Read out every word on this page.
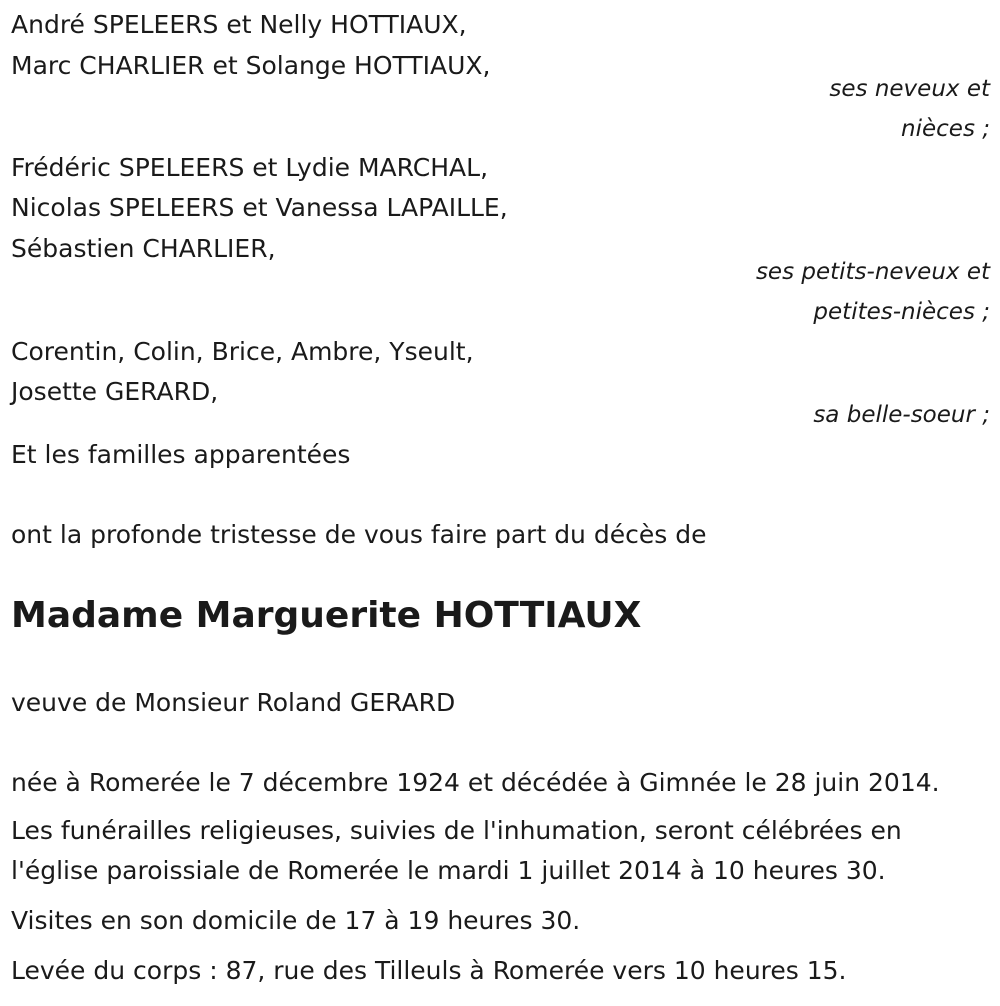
André SPELEERS et Nelly HOTTIAUX,
Marc CHARLIER et Solange HOTTIAUX,
ses neveux et
nièces ;
Frédéric SPELEERS et Lydie MARCHAL,
Nicolas SPELEERS et Vanessa LAPAILLE,
Sébastien CHARLIER,
ses petits-neveux et
petites-nièces ;
Corentin, Colin, Brice, Ambre, Yseult,
Josette GERARD,
sa belle-soeur ;
Et les familles apparentées
ont la profonde tristesse de vous faire part du décès de
Madame Marguerite HOTTIAUX
veuve de Monsieur Roland GERARD
née à Romerée le 7 décembre 1924 et décédée à Gimnée le 28 juin 2014.
Les funérailles religieuses, suivies de l'inhumation, seront célébrées en
l'église paroissiale de Romerée le mardi 1 juillet 2014 à 10 heures 30.
Visites en son domicile de 17 à 19 heures 30.
Levée du corps : 87, rue des Tilleuls à Romerée vers 10 heures 15.
